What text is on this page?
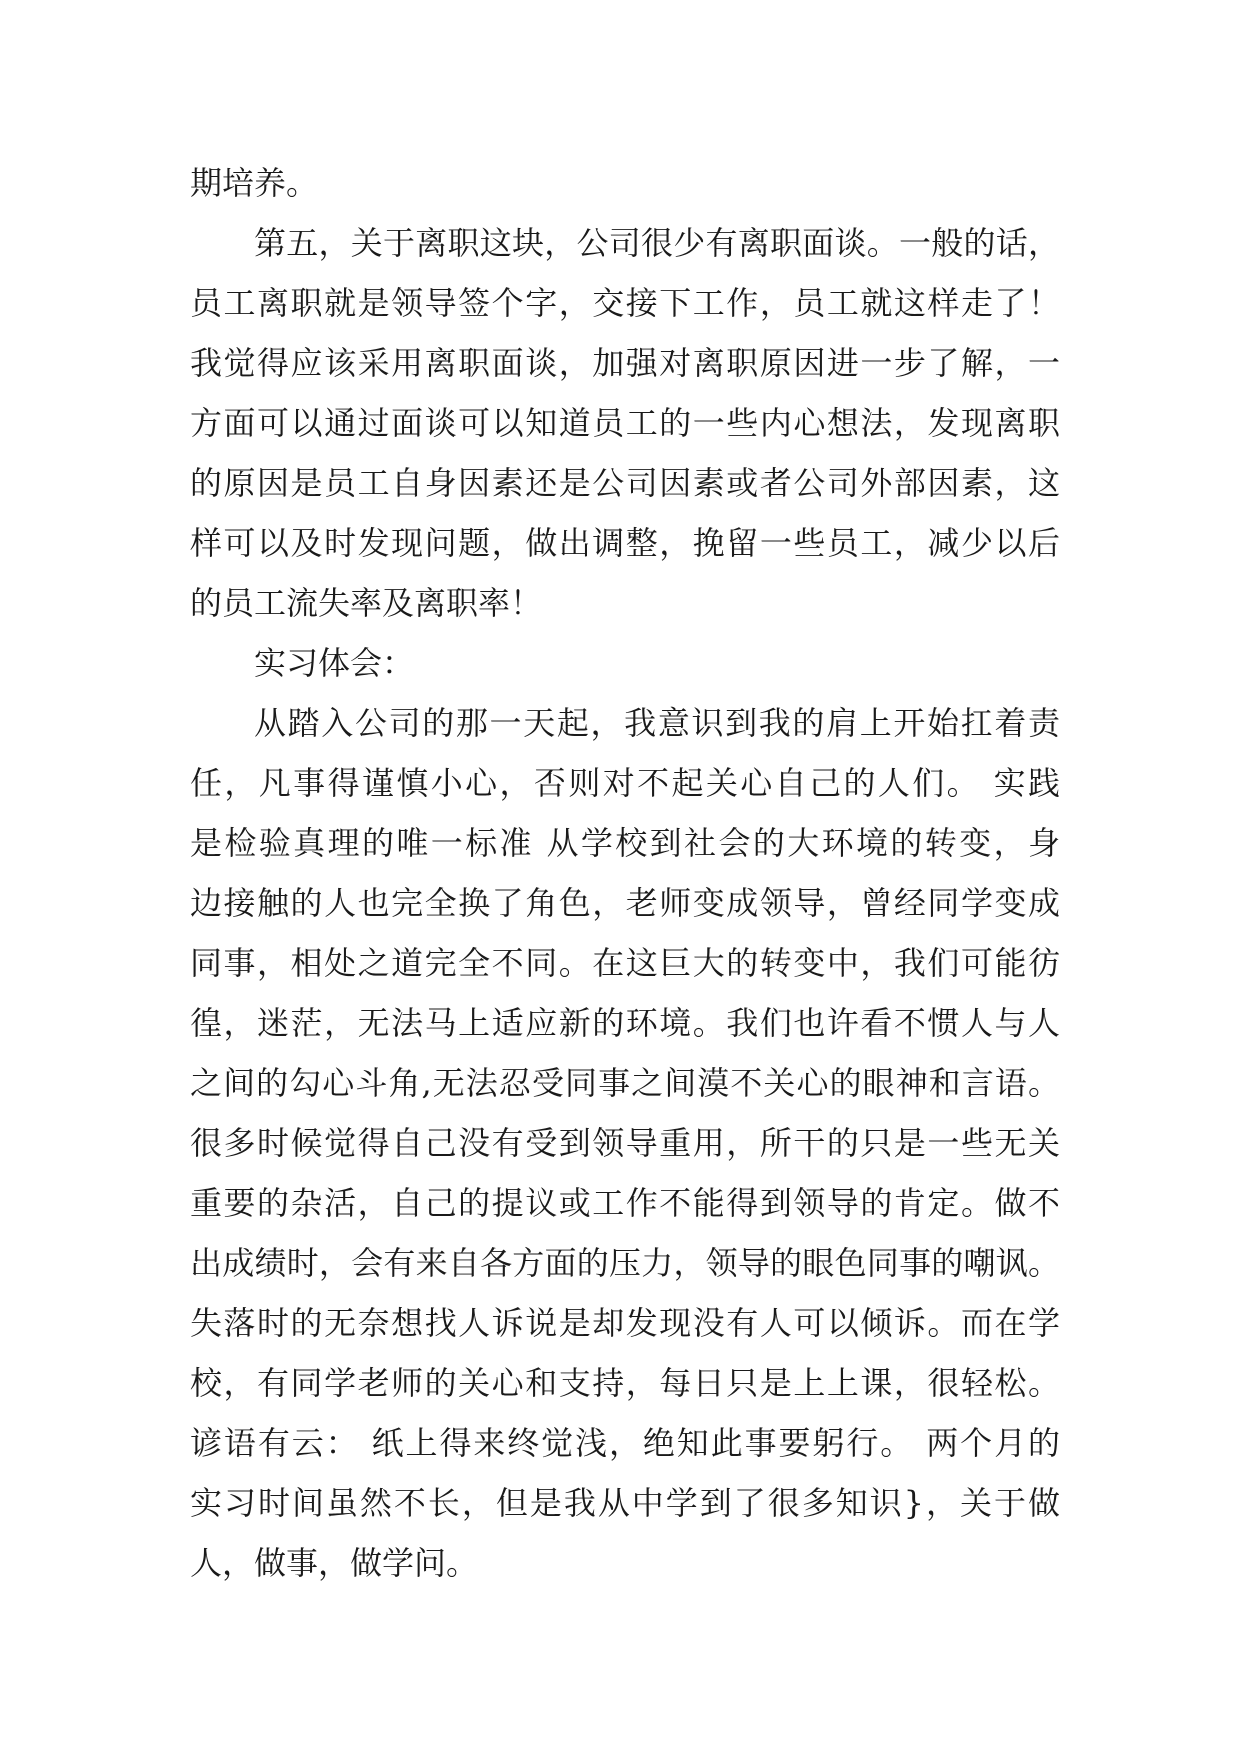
期培养。
第五，关于离职这块，公司很少有离职面谈。一般的话，
员工离职就是领导签个字，交接下工作，员工就这样走了！
我觉得应该采用离职面谈，加强对离职原因进一步了解，一
方面可以通过面谈可以知道员工的一些内心想法，发现离职
的原因是员工自身因素还是公司因素或者公司外部因素，这
样可以及时发现问题，做出调整，挽留一些员工，减少以后
的员工流失率及离职率！
实习体会：
从踏入公司的那一天起，我意识到我的肩上开始扛着责
任，凡事得谨慎小心，否则对不起关心自己的人们。 实践
是检验真理的唯一标准 从学校到社会的大环境的转变，身
边接触的人也完全换了角色，老师变成领导，曾经同学变成
同事，相处之道完全不同。在这巨大的转变中，我们可能彷
徨，迷茫，无法马上适应新的环境。我们也许看不惯人与人
之间的勾心斗角,无法忍受同事之间漠不关心的眼神和言语。
很多时候觉得自己没有受到领导重用，所干的只是一些无关
重要的杂活，自己的提议或工作不能得到领导的肯定。做不
出成绩时，会有来自各方面的压力，领导的眼色同事的嘲讽。
失落时的无奈想找人诉说是却发现没有人可以倾诉。而在学
校，有同学老师的关心和支持，每日只是上上课，很轻松。
谚语有云： 纸上得来终觉浅，绝知此事要躬行。 两个月的
实习时间虽然不长，但是我从中学到了很多知识}，关于做
人，做事，做学问。
